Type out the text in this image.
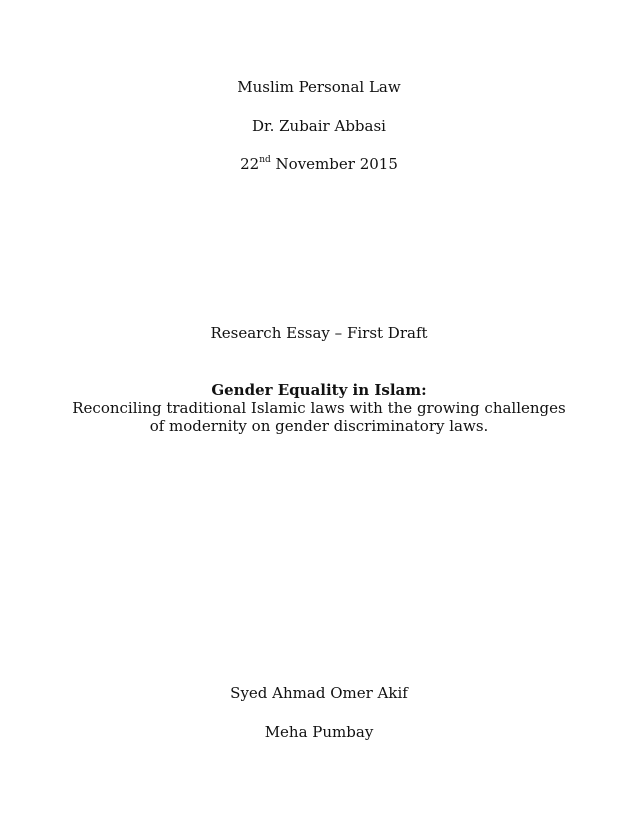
Muslim Personal Law
Dr. Zubair Abbasi
22nd November 2015
Research Essay – First Draft
Gender Equality in Islam:
Reconciling traditional Islamic laws with the growing challenges
of modernity on gender discriminatory laws.
Syed Ahmad Omer Akif
Meha Pumbay
